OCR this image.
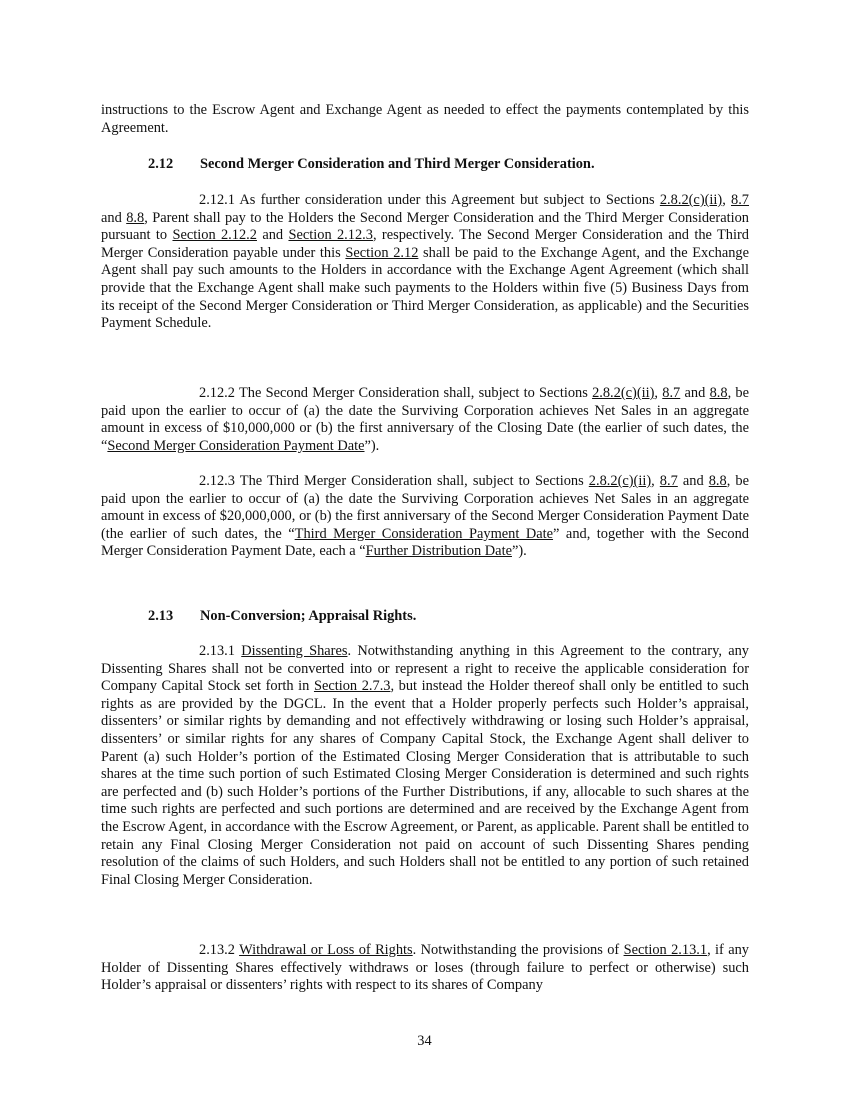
instructions to the Escrow Agent and Exchange Agent as needed to effect the payments contemplated by this Agreement.

2.12 Second Merger Consideration and Third Merger Consideration.

2.12.1 As further consideration under this Agreement but subject to Sections 2.8.2(c)(ii), 8.7 and 8.8, Parent shall pay to the Holders the Second Merger Consideration and the Third Merger Consideration pursuant to Section 2.12.2 and Section 2.12.3, respectively. The Second Merger Consideration and the Third Merger Consideration payable under this Section 2.12 shall be paid to the Exchange Agent, and the Exchange Agent shall pay such amounts to the Holders in accordance with the Exchange Agent Agreement (which shall provide that the Exchange Agent shall make such payments to the Holders within five (5) Business Days from its receipt of the Second Merger Consideration or Third Merger Consideration, as applicable) and the Securities Payment Schedule.

2.12.2 The Second Merger Consideration shall, subject to Sections 2.8.2(c)(ii), 8.7 and 8.8, be paid upon the earlier to occur of (a) the date the Surviving Corporation achieves Net Sales in an aggregate amount in excess of $10,000,000 or (b) the first anniversary of the Closing Date (the earlier of such dates, the “Second Merger Consideration Payment Date”).

2.12.3 The Third Merger Consideration shall, subject to Sections 2.8.2(c)(ii), 8.7 and 8.8, be paid upon the earlier to occur of (a) the date the Surviving Corporation achieves Net Sales in an aggregate amount in excess of $20,000,000, or (b) the first anniversary of the Second Merger Consideration Payment Date (the earlier of such dates, the “Third Merger Consideration Payment Date” and, together with the Second Merger Consideration Payment Date, each a “Further Distribution Date”).

2.13 Non-Conversion; Appraisal Rights.

2.13.1 Dissenting Shares. Notwithstanding anything in this Agreement to the contrary, any Dissenting Shares shall not be converted into or represent a right to receive the applicable consideration for Company Capital Stock set forth in Section 2.7.3, but instead the Holder thereof shall only be entitled to such rights as are provided by the DGCL. In the event that a Holder properly perfects such Holder’s appraisal, dissenters’ or similar rights by demanding and not effectively withdrawing or losing such Holder’s appraisal, dissenters’ or similar rights for any shares of Company Capital Stock, the Exchange Agent shall deliver to Parent (a) such Holder’s portion of the Estimated Closing Merger Consideration that is attributable to such shares at the time such portion of such Estimated Closing Merger Consideration is determined and such rights are perfected and (b) such Holder’s portions of the Further Distributions, if any, allocable to such shares at the time such rights are perfected and such portions are determined and are received by the Exchange Agent from the Escrow Agent, in accordance with the Escrow Agreement, or Parent, as applicable. Parent shall be entitled to retain any Final Closing Merger Consideration not paid on account of such Dissenting Shares pending resolution of the claims of such Holders, and such Holders shall not be entitled to any portion of such retained Final Closing Merger Consideration.

2.13.2 Withdrawal or Loss of Rights. Notwithstanding the provisions of Section 2.13.1, if any Holder of Dissenting Shares effectively withdraws or loses (through failure to perfect or otherwise) such Holder’s appraisal or dissenters’ rights with respect to its shares of Company

34
